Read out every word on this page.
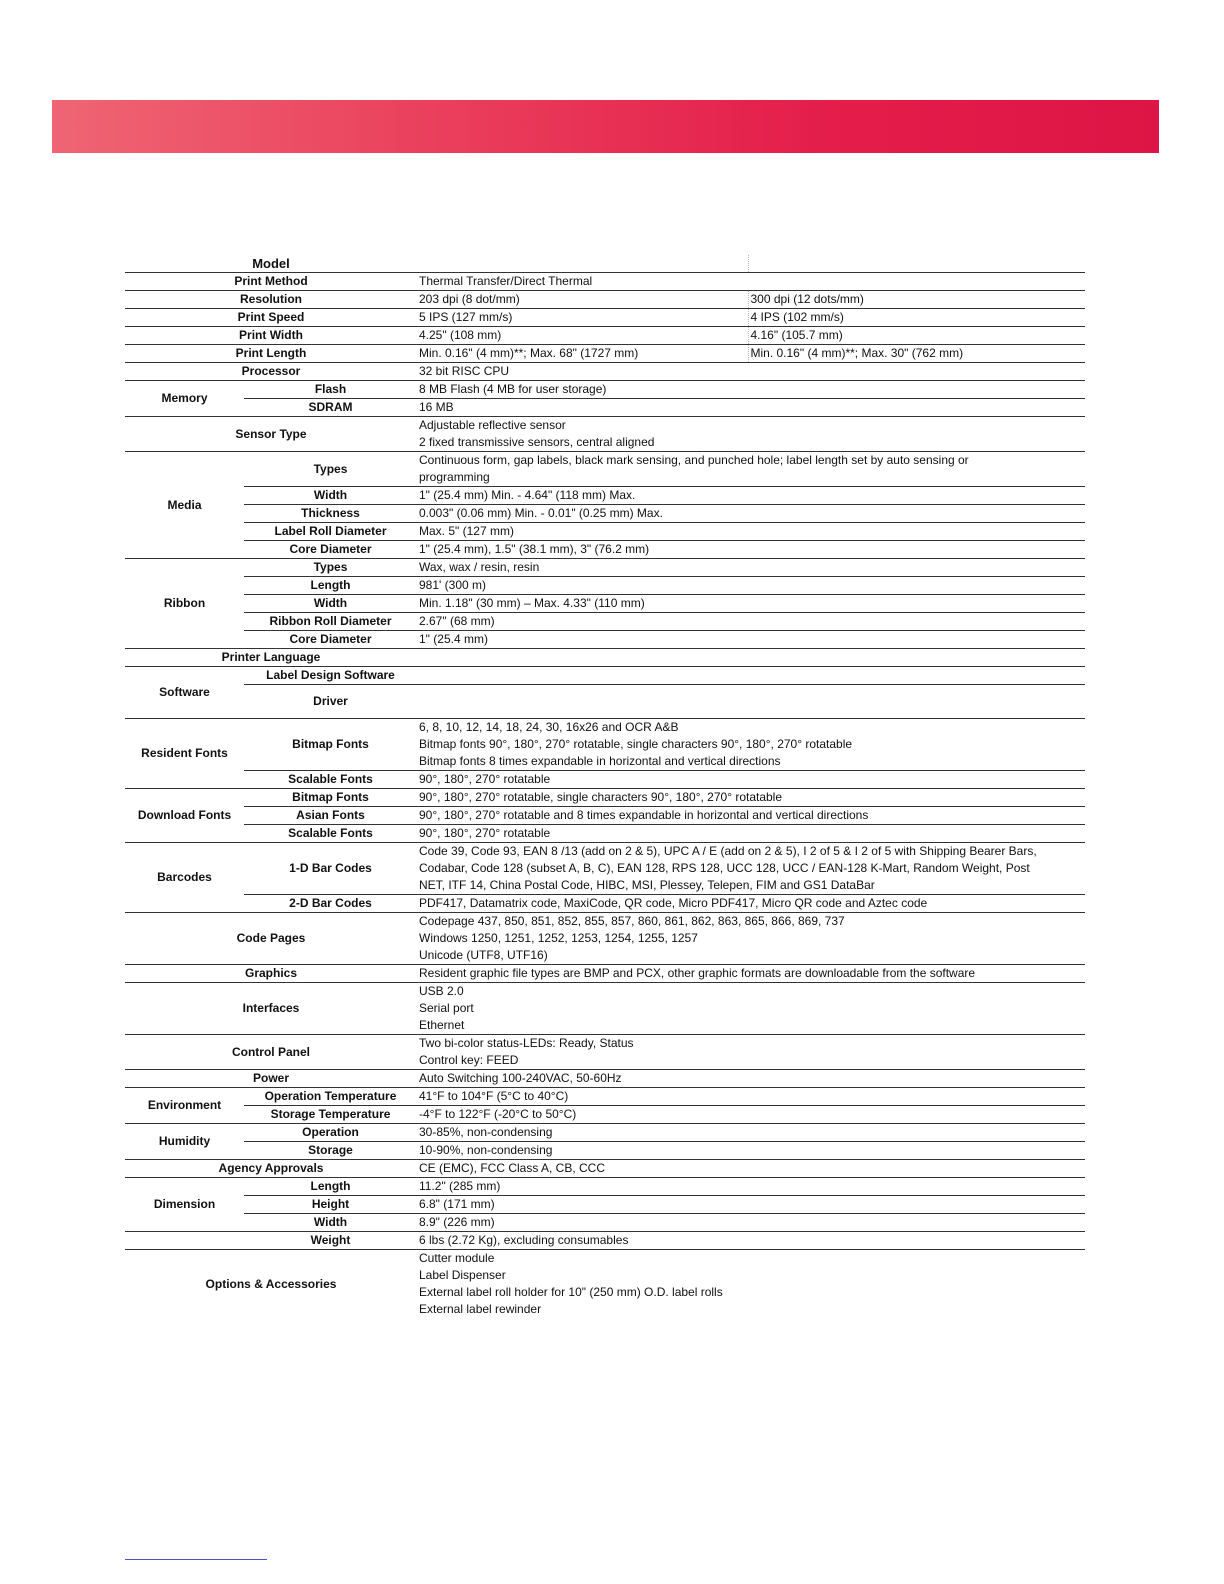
Model			
Print Method		Thermal Transfer/Direct Thermal	
Resolution		203 dpi (8 dot/mm)	300 dpi (12 dots/mm)
Print Speed		5 IPS (127 mm/s)	4 IPS (102 mm/s)
Print Width		4.25" (108 mm)	4.16" (105.7 mm)
Print Length		Min. 0.16" (4 mm)**; Max. 68" (1727 mm)	Min. 0.16" (4 mm)**; Max. 30" (762 mm)
Processor		32 bit RISC CPU	
Memory	Flash	8 MB Flash (4 MB for user storage)	
	SDRAM	16 MB	
Sensor Type		Adjustable reflective sensor
2 fixed transmissive sensors, central aligned	

Media	Types	Continuous form, gap labels, black mark sensing, and punched hole; label length set by auto sensing or
programming	

	Width	1" (25.4 mm) Min. - 4.64" (118 mm) Max.	
	Thickness	0.003" (0.06 mm) Min. - 0.01" (0.25 mm) Max.	
	Label Roll Diameter	Max. 5" (127 mm)	
	Core Diameter	1" (25.4 mm), 1.5" (38.1 mm), 3" (76.2 mm)	
Ribbon	Types	Wax, wax / resin, resin	
	Length	981' (300 m)	
	Width	Min. 1.18" (30 mm) – Max. 4.33" (110 mm)	
	Ribbon Roll Diameter	2.67" (68 mm)	
	Core Diameter	1" (25.4 mm)	
Printer Language			
Software	Label Design Software		
	Driver		
Resident Fonts	Bitmap Fonts	6, 8, 10, 12, 14, 18, 24, 30, 16x26 and OCR A&B
Bitmap fonts 90°, 180°, 270° rotatable, single characters 90°, 180°, 270° rotatable
Bitmap fonts 8 times expandable in horizontal and vertical directions	

	Scalable Fonts	90°, 180°, 270° rotatable	
Download Fonts	Bitmap Fonts	90°, 180°, 270° rotatable, single characters 90°, 180°, 270° rotatable	
	Asian Fonts	90°, 180°, 270° rotatable and 8 times expandable in horizontal and vertical directions	
	Scalable Fonts	90°, 180°, 270° rotatable	
Barcodes	1-D Bar Codes	Code 39, Code 93, EAN 8 /13 (add on 2 & 5), UPC A / E (add on 2 & 5), I 2 of 5 & I 2 of 5 with Shipping Bearer Bars,
Codabar, Code 128 (subset A, B, C), EAN 128, RPS 128, UCC 128, UCC / EAN-128 K-Mart, Random Weight, Post
NET, ITF 14, China Postal Code, HIBC, MSI, Plessey, Telepen, FIM and GS1 DataBar	

	2-D Bar Codes	PDF417, Datamatrix code, MaxiCode, QR code, Micro PDF417, Micro QR code and Aztec code	
Code Pages		Codepage 437, 850, 851, 852, 855, 857, 860, 861, 862, 863, 865, 866, 869, 737
Windows 1250, 1251, 1252, 1253, 1254, 1255, 1257
Unicode (UTF8, UTF16)	

Graphics		Resident graphic file types are BMP and PCX, other graphic formats are downloadable from the software	
Interfaces		USB 2.0
Serial port
Ethernet	

Control Panel		Two bi-color status-LEDs: Ready, Status
Control key: FEED	

Power		Auto Switching 100-240VAC, 50-60Hz	
Environment	Operation Temperature	41°F to 104°F (5°C to 40°C)	
	Storage Temperature	-4°F to 122°F (-20°C to 50°C)	
Humidity	Operation	30-85%, non-condensing	
	Storage	10-90%, non-condensing	
Agency Approvals		CE (EMC), FCC Class A, CB, CCC	
Dimension	Length	11.2" (285 mm)	
	Height	6.8" (171 mm)	
	Width	8.9" (226 mm)	
	Weight	6 lbs (2.72 Kg), excluding consumables	
Options & Accessories		Cutter module
Label Dispenser
External label roll holder for 10" (250 mm) O.D. label rolls
External label rewinder	
